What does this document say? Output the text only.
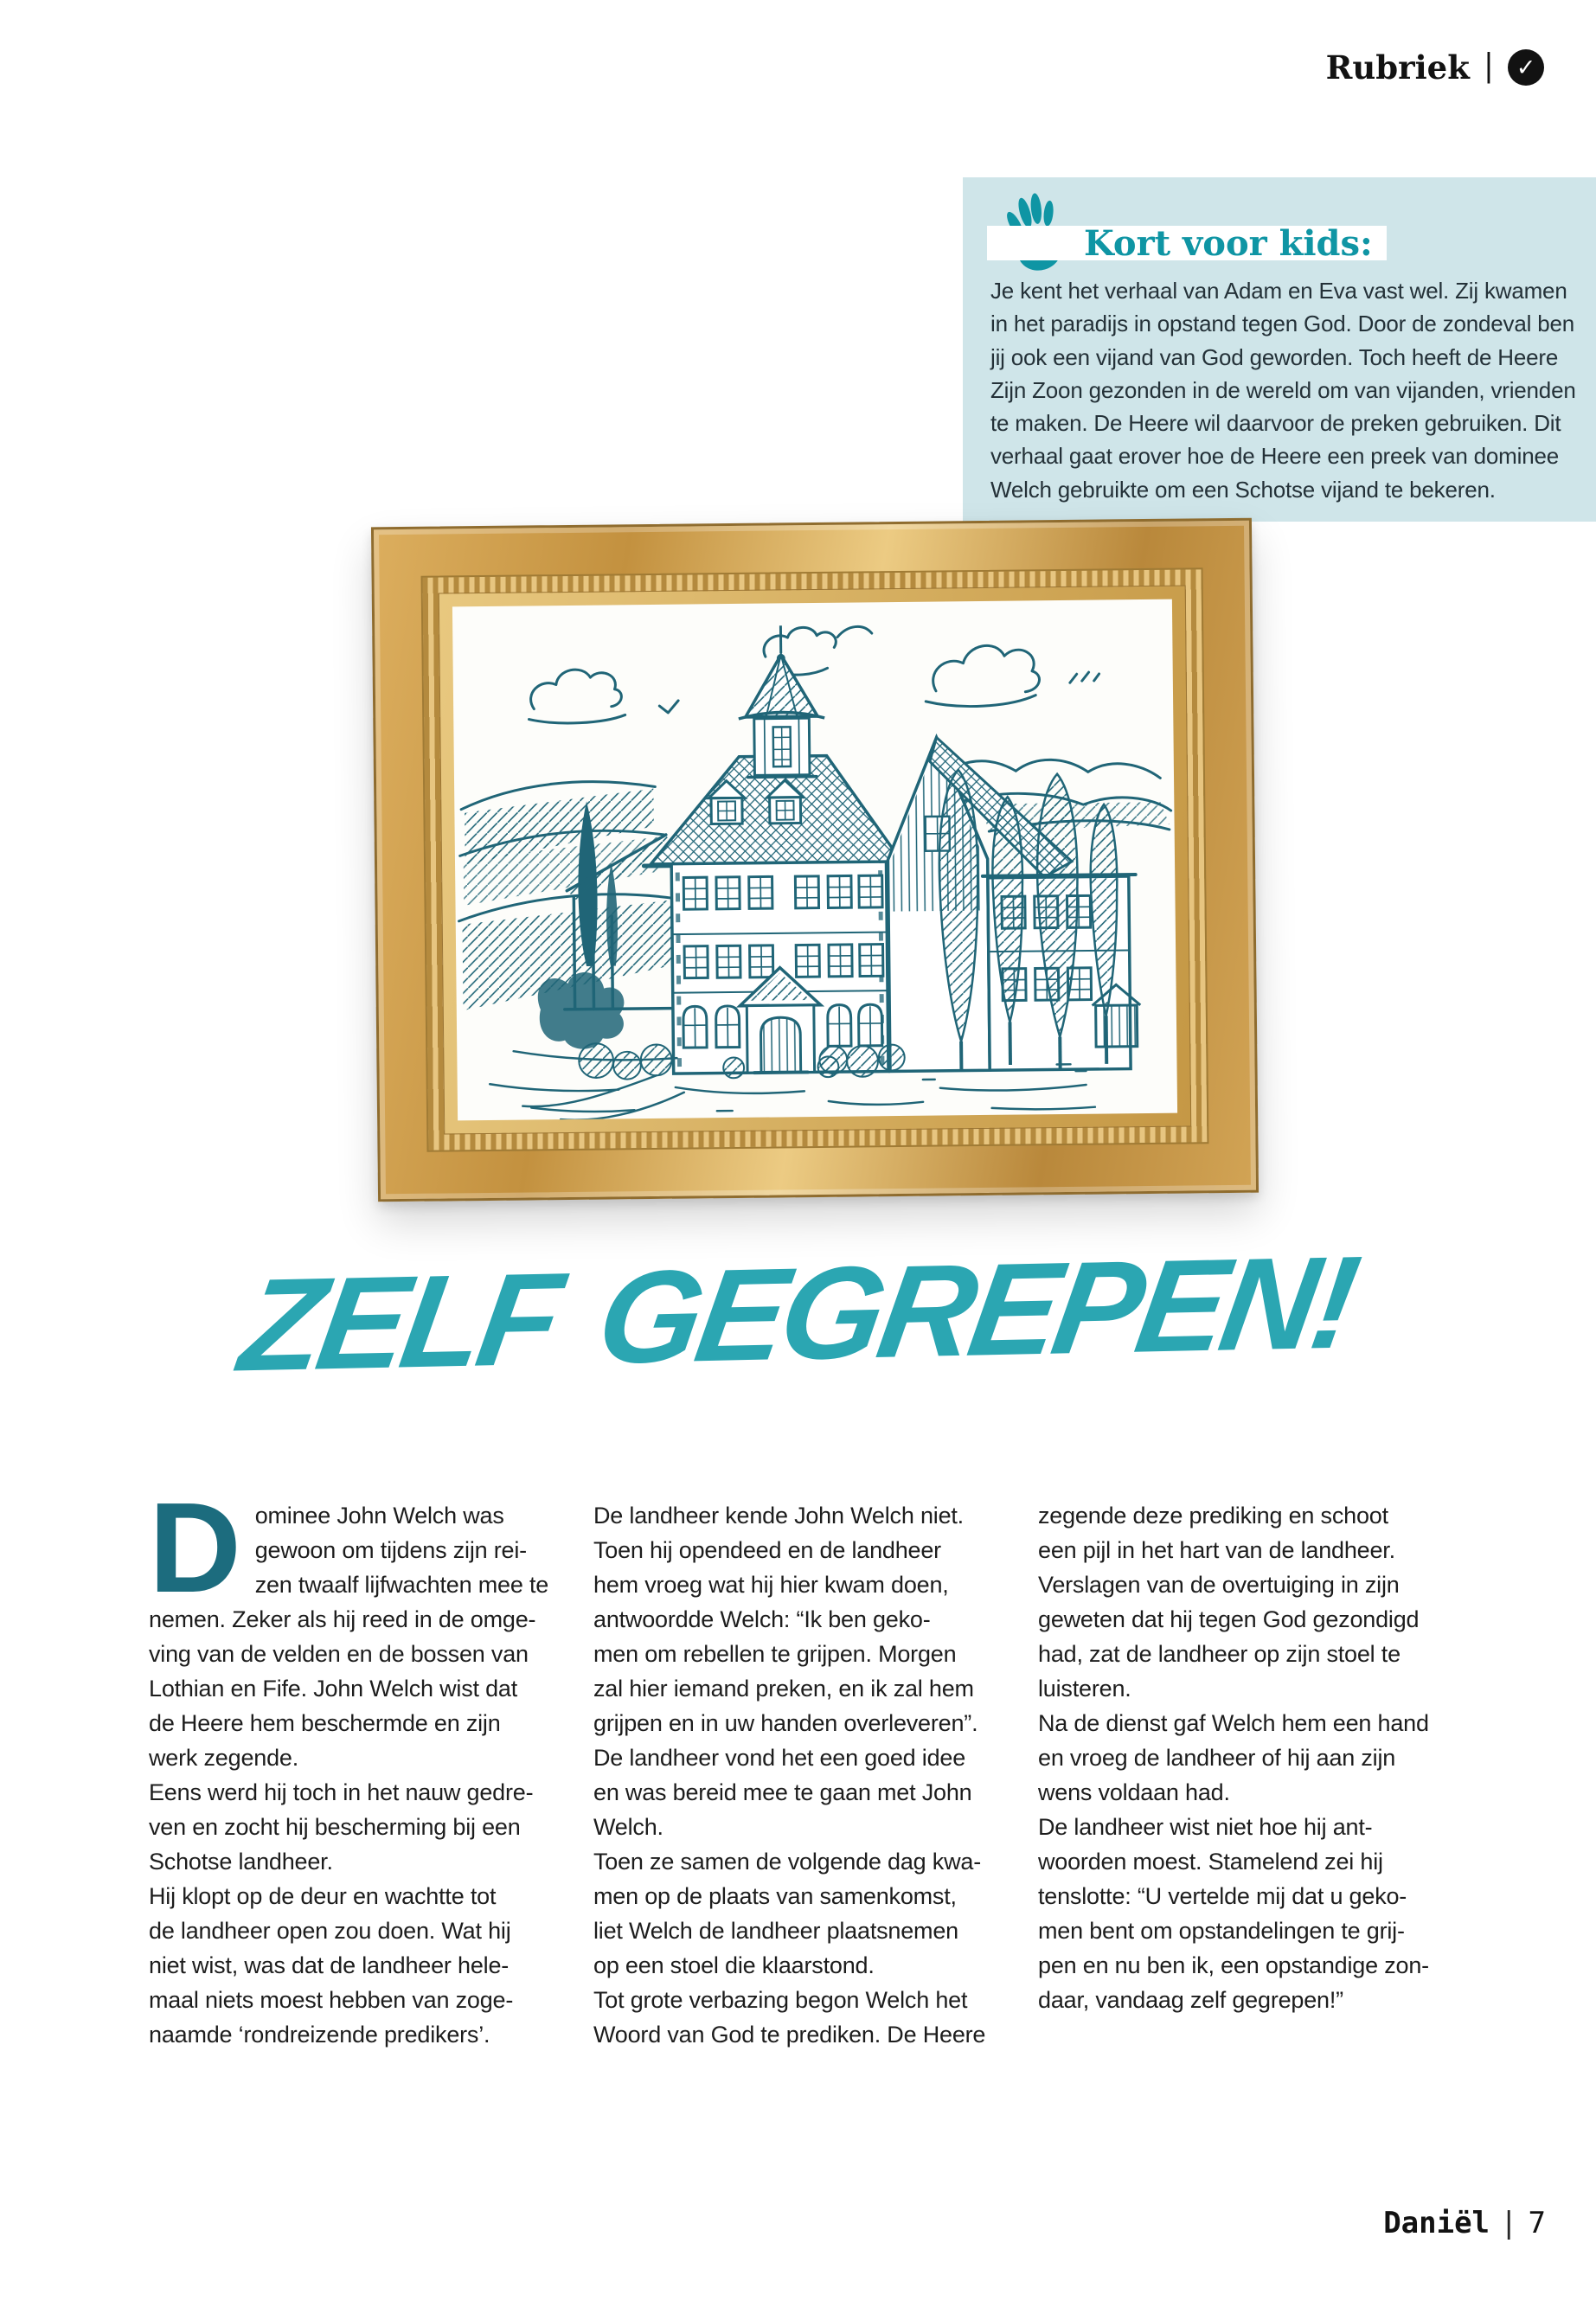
Rubriek | ✓
Kort voor kids:
Je kent het verhaal van Adam en Eva vast wel. Zij kwamen
in het paradijs in opstand tegen God. Door de zondeval ben
jij ook een vijand van God geworden. Toch heeft de Heere
Zijn Zoon gezonden in de wereld om van vijanden, vrienden
te maken. De Heere wil daarvoor de preken gebruiken. Dit
verhaal gaat erover hoe de Heere een preek van dominee
Welch gebruikte om een Schotse vijand te bekeren.
ZELF GEGREPEN!
Dominee John Welch was
gewoon om tijdens zijn rei-
zen twaalf lijfwachten mee te
nemen. Zeker als hij reed in de omge-
ving van de velden en de bossen van
Lothian en Fife. John Welch wist dat
de Heere hem beschermde en zijn
werk zegende.
Eens werd hij toch in het nauw gedre-
ven en zocht hij bescherming bij een
Schotse landheer.
Hij klopt op de deur en wachtte tot
de landheer open zou doen. Wat hij
niet wist, was dat de landheer hele-
maal niets moest hebben van zoge-
naamde ‘rondreizende predikers’.
De landheer kende John Welch niet.
Toen hij opendeed en de landheer
hem vroeg wat hij hier kwam doen,
antwoordde Welch: “Ik ben geko-
men om rebellen te grijpen. Morgen
zal hier iemand preken, en ik zal hem
grijpen en in uw handen overleveren”.
De landheer vond het een goed idee
en was bereid mee te gaan met John
Welch.
Toen ze samen de volgende dag kwa-
men op de plaats van samenkomst,
liet Welch de landheer plaatsnemen
op een stoel die klaarstond.
Tot grote verbazing begon Welch het
Woord van God te prediken. De Heere
zegende deze prediking en schoot
een pijl in het hart van de landheer.
Verslagen van de overtuiging in zijn
geweten dat hij tegen God gezondigd
had, zat de landheer op zijn stoel te
luisteren.
Na de dienst gaf Welch hem een hand
en vroeg de landheer of hij aan zijn
wens voldaan had.
De landheer wist niet hoe hij ant-
woorden moest. Stamelend zei hij
tenslotte: “U vertelde mij dat u geko-
men bent om opstandelingen te grij-
pen en nu ben ik, een opstandige zon-
daar, vandaag zelf gegrepen!”
Daniël | 7
